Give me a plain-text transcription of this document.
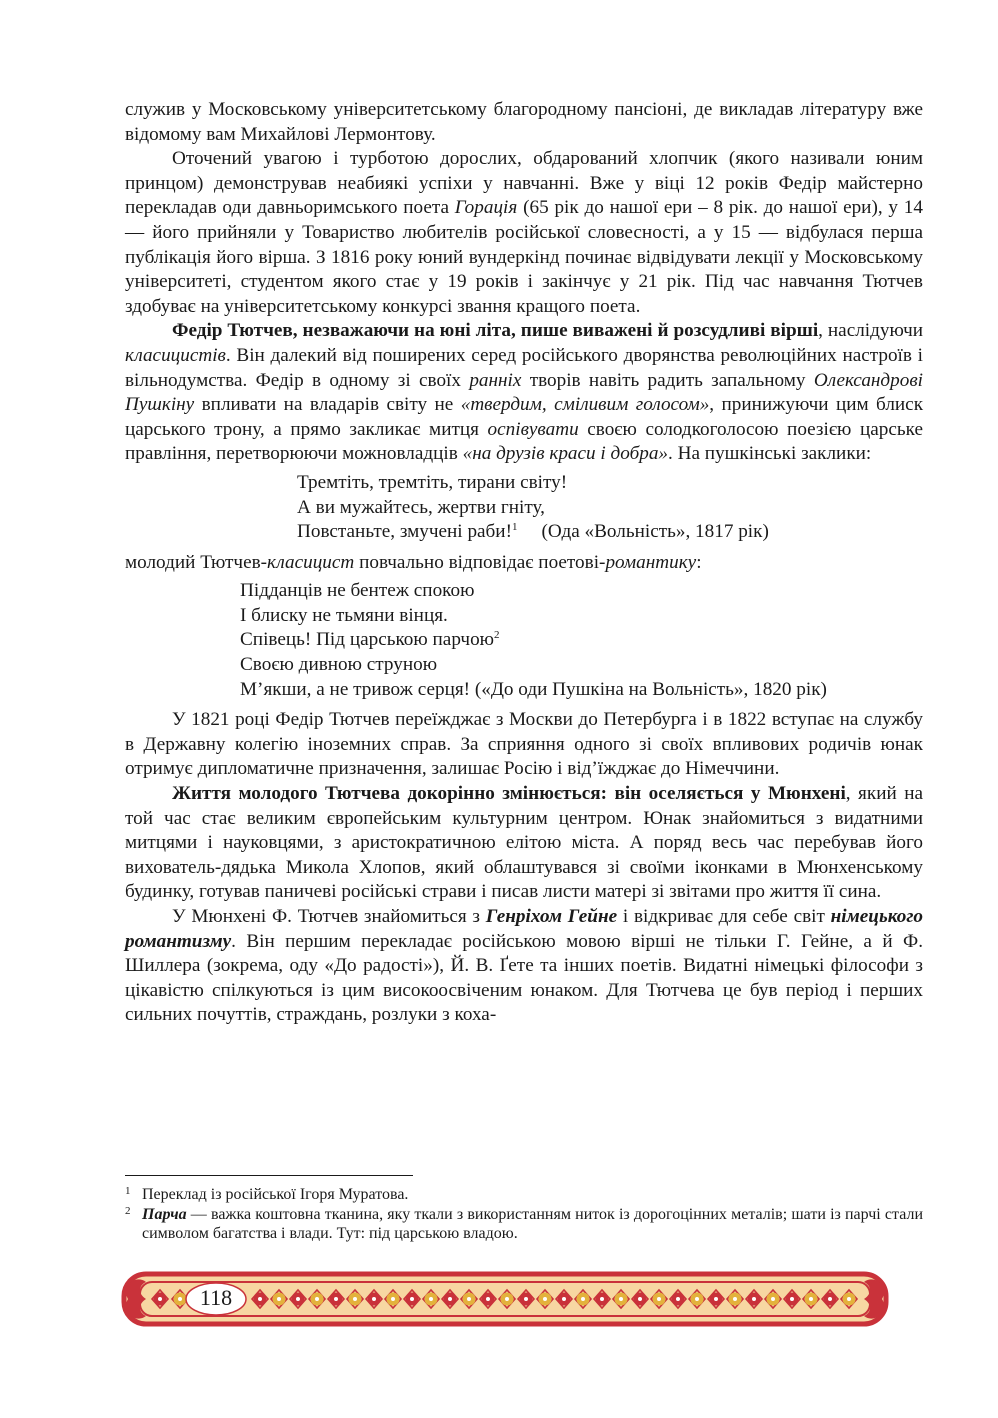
служив у Московському університетському благородному пансіоні, де викладав літературу вже відомому вам Михайлові Лермонтову.

Оточений увагою і турботою дорослих, обдарований хлопчик (якого називали юним принцом) демонстрував неабиякі успіхи у навчанні. Вже у віці 12 років Федір майстерно перекладав оди давньоримського поета Горація (65 рік до нашої ери – 8 рік. до нашої ери), у 14 — його прийняли у Товариство любителів російської словесності, а у 15 — відбулася перша публікація його вірша. З 1816 року юний вундеркінд починає відвідувати лекції у Московському університеті, студентом якого стає у 19 років і закінчує у 21 рік. Під час навчання Тютчев здобуває на університетському конкурсі звання кращого поета.

Федір Тютчев, незважаючи на юні літа, пише виважені й розсудливі вірші, наслідуючи класицистів. Він далекий від поширених серед російського дворянства революційних настроїв і вільнодумства. Федір в одному зі своїх ранніх творів навіть радить запальному Олександрові Пушкіну впливати на владарів світу не «твердим, сміливим голосом», принижуючи цим блиск царського трону, а прямо закликає митця оспівувати своєю солодкоголосою поезією царське правління, перетворюючи можновладців «на друзів краси і добра». На пушкінські заклики:

Тремтіть, тремтіть, тирани світу!
А ви мужайтесь, жертви гніту,
Повстаньте, змучені раби!$^1$ (Ода «Вольність», 1817 рік)

молодий Тютчев-класицист повчально відповідає поетові-романтику:

Підданців не бентеж спокою
І блиску не тьмяни вінця.
Співець! Під царською парчою$^2$
Своєю дивною струною
М’якши, а не тривож серця! («До оди Пушкіна на Вольність», 1820 рік)

У 1821 році Федір Тютчев переїжджає з Москви до Петербурга і в 1822 вступає на службу в Державну колегію іноземних справ. За сприяння одного зі своїх впливових родичів юнак отримує дипломатичне призначення, залишає Росію і від’їжджає до Німеччини.

Життя молодого Тютчева докорінно змінюється: він оселяється у Мюнхені, який на той час стає великим європейським культурним центром. Юнак знайомиться з видатними митцями і науковцями, з аристократичною елітою міста. А поряд весь час перебував його вихователь-дядька Микола Хлопов, який облаштувався зі своїми іконками в Мюнхенському будинку, готував паничеві російські страви і писав листи матері зі звітами про життя її сина.

У Мюнхені Ф. Тютчев знайомиться з Генріхом Гейне і відкриває для себе світ німецького романтизму. Він першим перекладає російською мовою вірші не тільки Г. Гейне, а й Ф. Шиллера (зокрема, оду «До радості»), Й. В. Ґете та інших поетів. Видатні німецькі філософи з цікавістю спілкуються із цим високоосвіченим юнаком. Для Тютчева це був період і перших сильних почуттів, страждань, розлуки з коха-

1 Переклад із російської Ігоря Муратова.
2 Парча — важка коштовна тканина, яку ткали з використанням ниток із дорогоцінних металів; шати із парчі стали символом багатства і влади. Тут: під царською владою.
118
